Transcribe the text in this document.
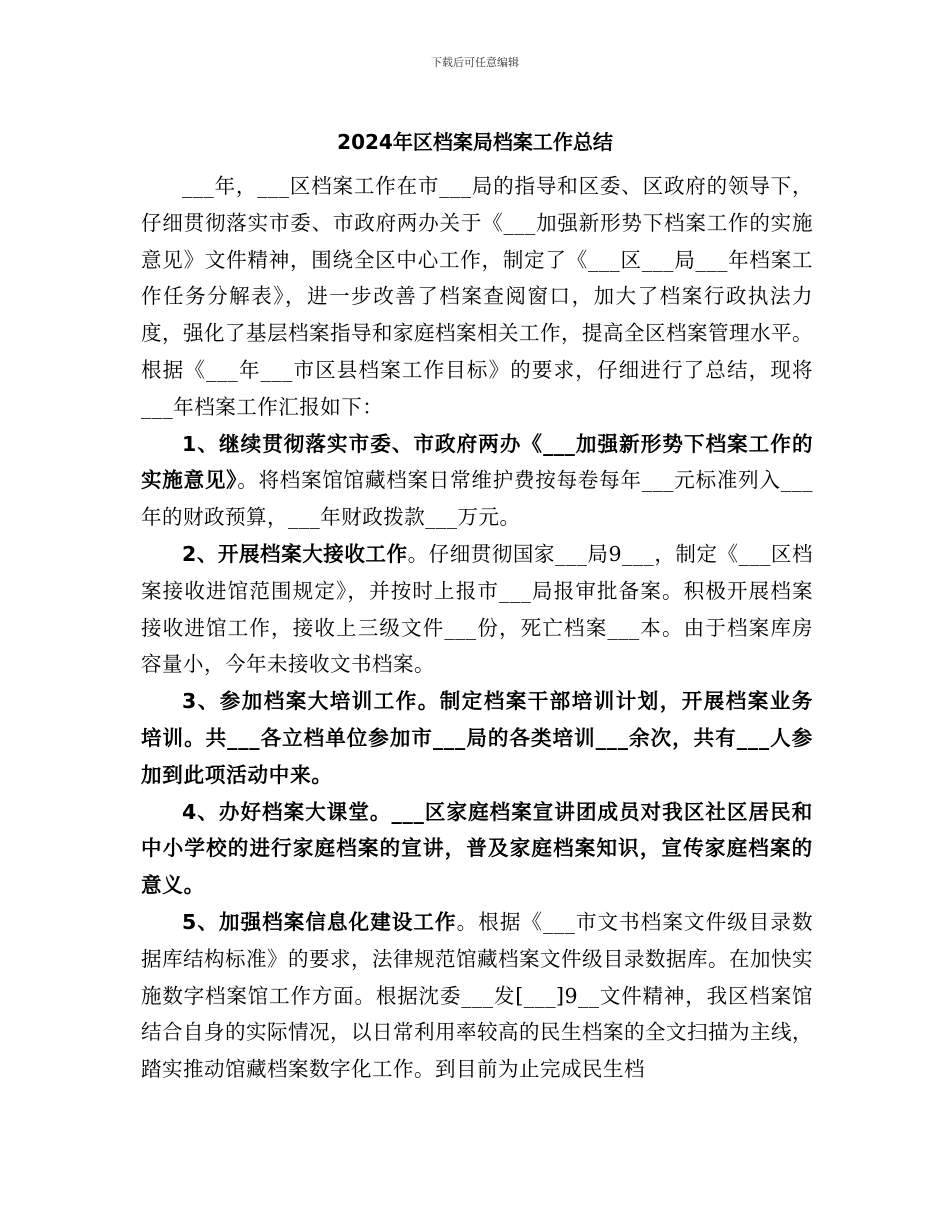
下载后可任意编辑
2024年区档案局档案工作总结

___年，___区档案工作在市___局的指导和区委、区政府的领导下，仔细贯彻落实市委、市政府两办关于《___加强新形势下档案工作的实施意见》文件精神，围绕全区中心工作，制定了《___区___局___年档案工作任务分解表》，进一步改善了档案查阅窗口，加大了档案行政执法力度，强化了基层档案指导和家庭档案相关工作，提高全区档案管理水平。根据《___年___市区县档案工作目标》的要求，仔细进行了总结，现将___年档案工作汇报如下：

1、继续贯彻落实市委、市政府两办《___加强新形势下档案工作的实施意见》。将档案馆馆藏档案日常维护费按每卷每年___元标准列入___年的财政预算，___年财政拨款___万元。

2、开展档案大接收工作。仔细贯彻国家___局9___，制定《___区档案接收进馆范围规定》，并按时上报市___局报审批备案。积极开展档案接收进馆工作，接收上三级文件___份，死亡档案___本。由于档案库房容量小，今年未接收文书档案。

3、参加档案大培训工作。制定档案干部培训计划，开展档案业务培训。共___各立档单位参加市___局的各类培训___余次，共有___人参加到此项活动中来。

4、办好档案大课堂。___区家庭档案宣讲团成员对我区社区居民和中小学校的进行家庭档案的宣讲，普及家庭档案知识，宣传家庭档案的意义。

5、加强档案信息化建设工作。根据《___市文书档案文件级目录数据库结构标准》的要求，法律规范馆藏档案文件级目录数据库。在加快实施数字档案馆工作方面。根据沈委___发[___]9__文件精神，我区档案馆结合自身的实际情况，以日常利用率较高的民生档案的全文扫描为主线，踏实推动馆藏档案数字化工作。到目前为止完成民生档
